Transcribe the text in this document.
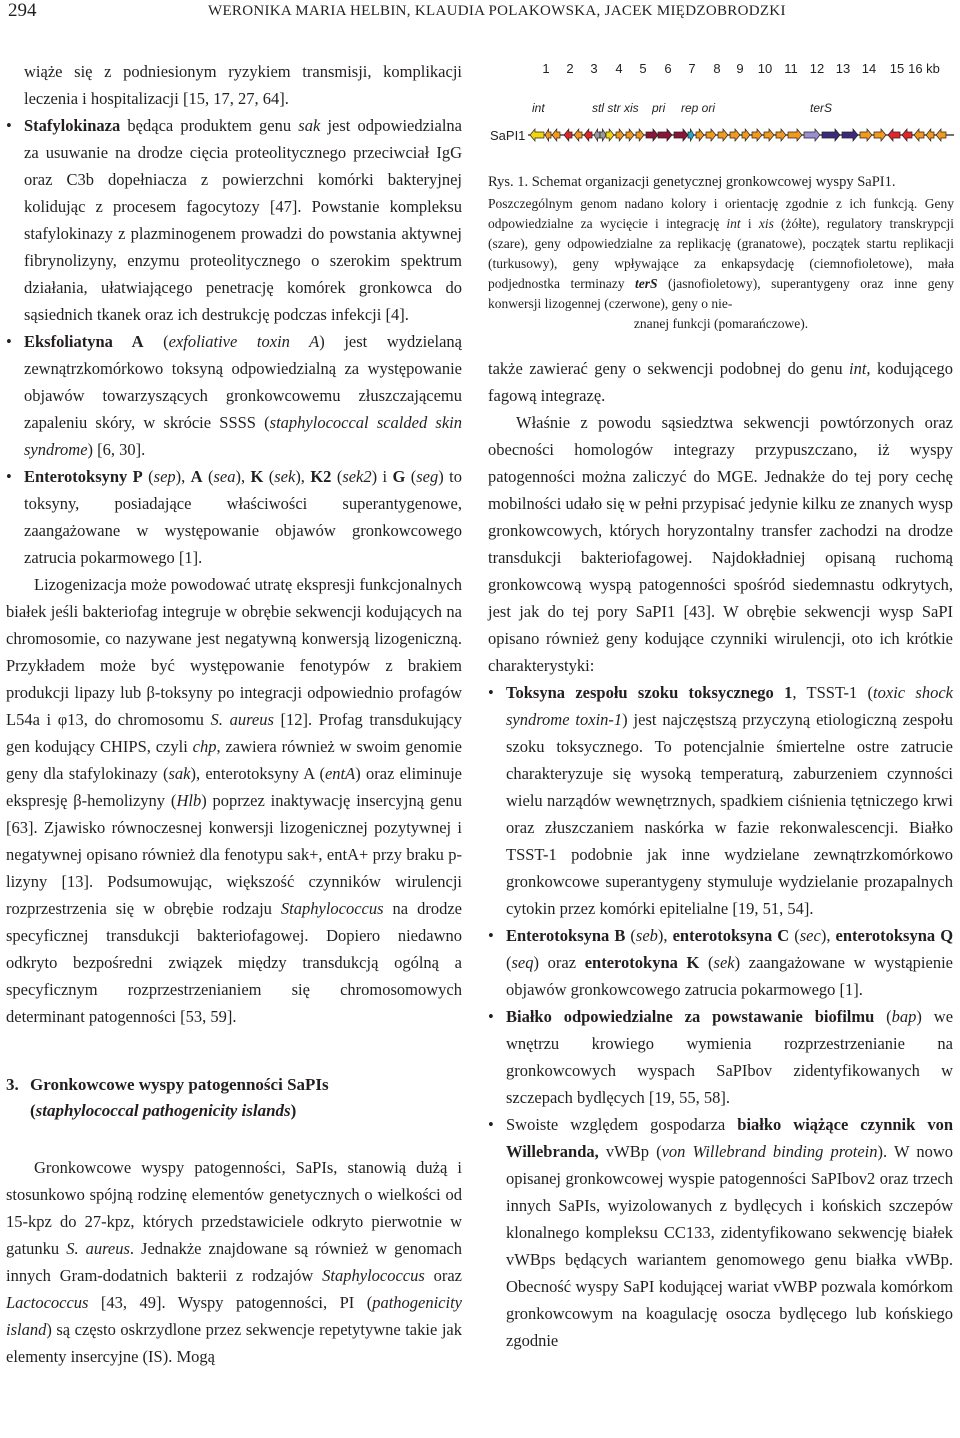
294	WERONIKA MARIA HELBIN, KLAUDIA POLAKOWSKA, JACEK MIĘDZOBRODZKI

wiąże się z podniesionym ryzykiem transmisji, komplikacji leczenia i hospitalizacji [15, 17, 27, 64].

• Stafylokinaza będąca produktem genu sak jest odpowiedzialna za usuwanie na drodze cięcia proteolitycznego przeciwciał IgG oraz C3b dopełniacza z powierzchni komórki bakteryjnej kolidując z procesem fagocytozy [47]. Powstanie kompleksu stafylokinazy z plazminogenem prowadzi do powstania aktywnej fibrynolizyny, enzymu proteolitycznego o szerokim spektrum działania, ułatwiającego penetrację komórek gronkowca do sąsiednich tkanek oraz ich destrukcję podczas infekcji [4].
• Eksfoliatyna A (exfoliative toxin A) jest wydzielaną zewnątrzkomórkowo toksyną odpowiedzialną za występowanie objawów towarzyszących gronkowcowemu złuszczającemu zapaleniu skóry, w skrócie SSSS (staphylococcal scalded skin syndrome) [6, 30].
• Enterotoksyny P (sep), A (sea), K (sek), K2 (sek2) i G (seg) to toksyny, posiadające właściwości superantygenowe, zaangażowane w występowanie objawów gronkowcowego zatrucia pokarmowego [1].

Lizogenizacja może powodować utratę ekspresji funkcjonalnych białek jeśli bakteriofag integruje w obrębie sekwencji kodujących na chromosomie, co nazywane jest negatywną konwersją lizogeniczną. Przykładem może być występowanie fenotypów z brakiem produkcji lipazy lub β-toksyny po integracji odpowiednio profagów L54a i φ13, do chromosomu S. aureus [12]. Profag transdukujący gen kodujący CHIPS, czyli chp, zawiera również w swoim genomie geny dla stafylokinazy (sak), enterotoksyny A (entA) oraz eliminuje ekspresję β-hemolizyny (Hlb) poprzez inaktywację insercyjną genu [63]. Zjawisko równoczesnej konwersji lizogenicznej pozytywnej i negatywnej opisano również dla fenotypu sak+, entA+ przy braku p-lizyny [13]. Podsumowując, większość czynników wirulencji rozprzestrzenia się w obrębie rodzaju Staphylococcus na drodze specyficznej transdukcji bakteriofagowej. Dopiero niedawno odkryto bezpośredni związek między transdukcją ogólną a specyficznym rozprzestrzenianiem się chromosomowych determinant patogenności [53, 59].

3. Gronkowcowe wyspy patogenności SaPIs
(staphylococcal pathogenicity islands)

Gronkowcowe wyspy patogenności, SaPIs, stanowią dużą i stosunkowo spójną rodzinę elementów genetycznych o wielkości od 15-kpz do 27-kpz, których przedstawiciele odkryto pierwotnie w gatunku S. aureus. Jednakże znajdowane są również w genomach innych Gram-dodatnich bakterii z rodzajów Staphylococcus oraz Lactococcus [43, 49]. Wyspy patogenności, PI (pathogenicity island) są często oskrzydlone przez sekwencje repetytywne takie jak elementy insercyjne (IS). Mogą

1 2 3 4 5 6 7 8 9 10 11 12 13 14 15 16 kb
int	stl str xis pri rep ori	terS
SaPI1
Rys. 1. Schemat organizacji genetycznej gronkowcowej wyspy SaPI1.
Poszczególnym genom nadano kolory i orientację zgodnie z ich funkcją. Geny odpowiedzialne za wycięcie i integrację int i xis (żółte), regulatory transkrypcji (szare), geny odpowiedzialne za replikację (granatowe), początek startu replikacji (turkusowy), geny wpływające za enkapsydację (ciemnofioletowe), mała podjednostka terminazy terS (jasnofioletowy), superantygeny oraz inne geny konwersji lizogennej (czerwone), geny o nie-
znanej funkcji (pomarańczowe).

także zawierać geny o sekwencji podobnej do genu int, kodującego fagową integrazę.

Właśnie z powodu sąsiedztwa sekwencji powtórzonych oraz obecności homologów integrazy przypuszczano, iż wyspy patogenności można zaliczyć do MGE. Jednakże do tej pory cechę mobilności udało się w pełni przypisać jedynie kilku ze znanych wysp gronkowcowych, których horyzontalny transfer zachodzi na drodze transdukcji bakteriofagowej. Najdokładniej opisaną ruchomą gronkowcową wyspą patogenności spośród siedemnastu odkrytych, jest jak do tej pory SaPI1 [43]. W obrębie sekwencji wysp SaPI opisano również geny kodujące czynniki wirulencji, oto ich krótkie charakterystyki:

• Toksyna zespołu szoku toksycznego 1, TSST-1 (toxic shock syndrome toxin-1) jest najczęstszą przyczyną etiologiczną zespołu szoku toksycznego. To potencjalnie śmiertelne ostre zatrucie charakteryzuje się wysoką temperaturą, zaburzeniem czynności wielu narządów wewnętrznych, spadkiem ciśnienia tętniczego krwi oraz złuszczaniem naskórka w fazie rekonwalescencji. Białko TSST-1 podobnie jak inne wydzielane zewnątrzkomórkowo gronkowcowe superantygeny stymuluje wydzielanie prozapalnych cytokin przez komórki epitelialne [19, 51, 54].
• Enterotoksyna B (seb), enterotoksyna C (sec), enterotoksyna Q (seq) oraz enterotokyna K (sek) zaangażowane w wystąpienie objawów gronkowcowego zatrucia pokarmowego [1].
• Białko odpowiedzialne za powstawanie biofilmu (bap) we wnętrzu krowiego wymienia rozprzestrzenianie na gronkowcowych wyspach SaPIbov zidentyfikowanych w szczepach bydlęcych [19, 55, 58].
• Swoiste względem gospodarza białko wiążące czynnik von Willebranda, vWBp (von Willebrand binding protein). W nowo opisanej gronkowcowej wyspie patogenności SaPIbov2 oraz trzech innych SaPIs, wyizolowanych z bydlęcych i końskich szczepów klonalnego kompleksu CC133, zidentyfikowano sekwencję białek vWBps będących wariantem genomowego genu białka vWBp. Obecność wyspy SaPI kodującej wariat vWBP pozwala komórkom gronkowcowym na koagulację osocza bydlęcego lub końskiego zgodnie
